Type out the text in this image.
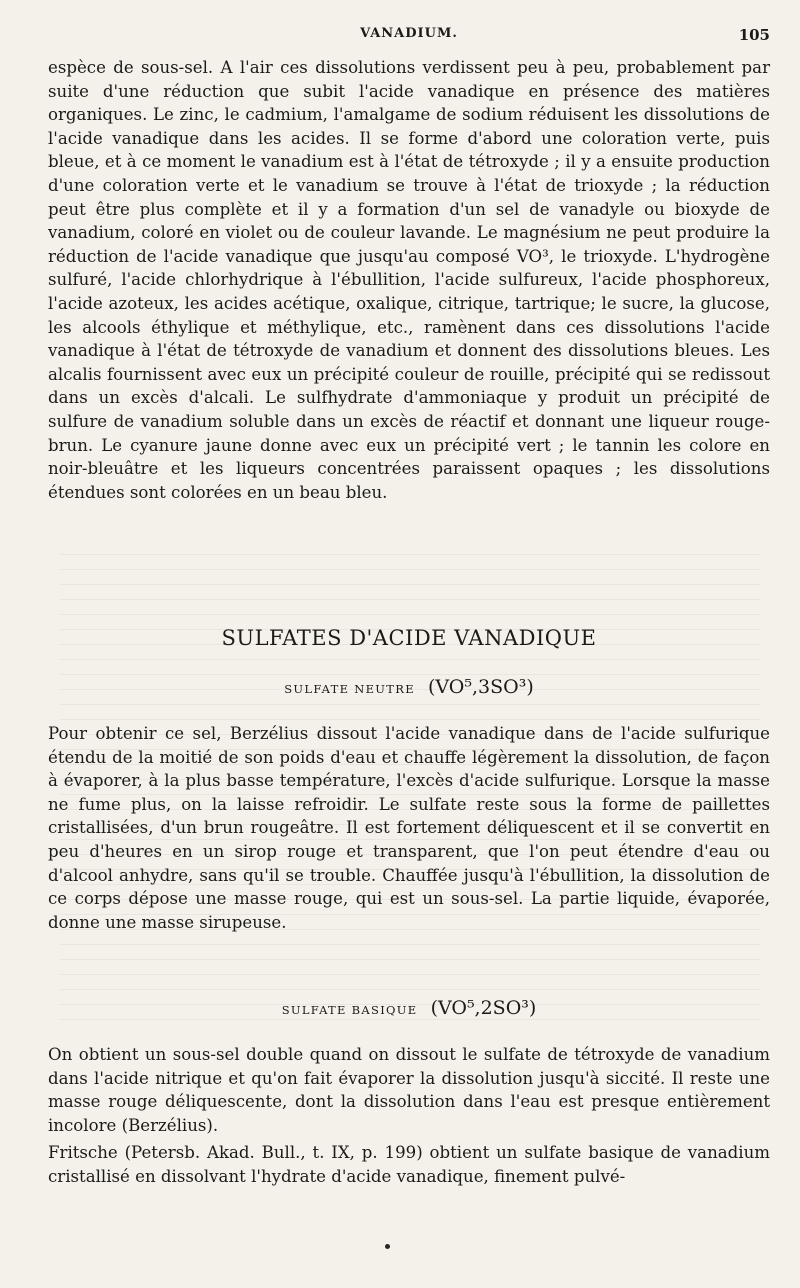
VANADIUM.	105

espèce de sous-sel. A l'air ces dissolutions verdissent peu à peu, probablement par suite d'une réduction que subit l'acide vanadique en présence des matières organiques. Le zinc, le cadmium, l'amalgame de sodium réduisent les dissolutions de l'acide vanadique dans les acides. Il se forme d'abord une coloration verte, puis bleue, et à ce moment le vanadium est à l'état de tétroxyde ; il y a ensuite production d'une coloration verte et le vanadium se trouve à l'état de trioxyde ; la réduction peut être plus complète et il y a formation d'un sel de vanadyle ou bioxyde de vanadium, coloré en violet ou de couleur lavande. Le magnésium ne peut produire la réduction de l'acide vanadique que jusqu'au composé VO³, le trioxyde. L'hydrogène sulfuré, l'acide chlorhydrique à l'ébullition, l'acide sulfureux, l'acide phosphoreux, l'acide azoteux, les acides acétique, oxalique, citrique, tartrique; le sucre, la glucose, les alcools éthylique et méthylique, etc., ramènent dans ces dissolutions l'acide vanadique à l'état de tétroxyde de vanadium et donnent des dissolutions bleues. Les alcalis fournissent avec eux un précipité couleur de rouille, précipité qui se redissout dans un excès d'alcali. Le sulfhydrate d'ammoniaque y produit un précipité de sulfure de vanadium soluble dans un excès de réactif et donnant une liqueur rouge-brun. Le cyanure jaune donne avec eux un précipité vert ; le tannin les colore en noir-bleuâtre et les liqueurs concentrées paraissent opaques ; les dissolutions étendues sont colorées en un beau bleu.

SULFATES D'ACIDE VANADIQUE
SULFATE NEUTRE (VO⁵,3SO³)

Pour obtenir ce sel, Berzélius dissout l'acide vanadique dans de l'acide sulfurique étendu de la moitié de son poids d'eau et chauffe légèrement la dissolution, de façon à évaporer, à la plus basse température, l'excès d'acide sulfurique. Lorsque la masse ne fume plus, on la laisse refroidir. Le sulfate reste sous la forme de paillettes cristallisées, d'un brun rougeâtre. Il est fortement déliquescent et il se convertit en peu d'heures en un sirop rouge et transparent, que l'on peut étendre d'eau ou d'alcool anhydre, sans qu'il se trouble. Chauffée jusqu'à l'ébullition, la dissolution de ce corps dépose une masse rouge, qui est un sous-sel. La partie liquide, évaporée, donne une masse sirupeuse.

SULFATE BASIQUE (VO⁵,2SO³)

On obtient un sous-sel double quand on dissout le sulfate de tétroxyde de vanadium dans l'acide nitrique et qu'on fait évaporer la dissolution jusqu'à siccité. Il reste une masse rouge déliquescente, dont la dissolution dans l'eau est presque entièrement incolore (Berzélius).

Fritsche (Petersb. Akad. Bull., t. IX, p. 199) obtient un sulfate basique de vanadium cristallisé en dissolvant l'hydrate d'acide vanadique, finement pulvé-
